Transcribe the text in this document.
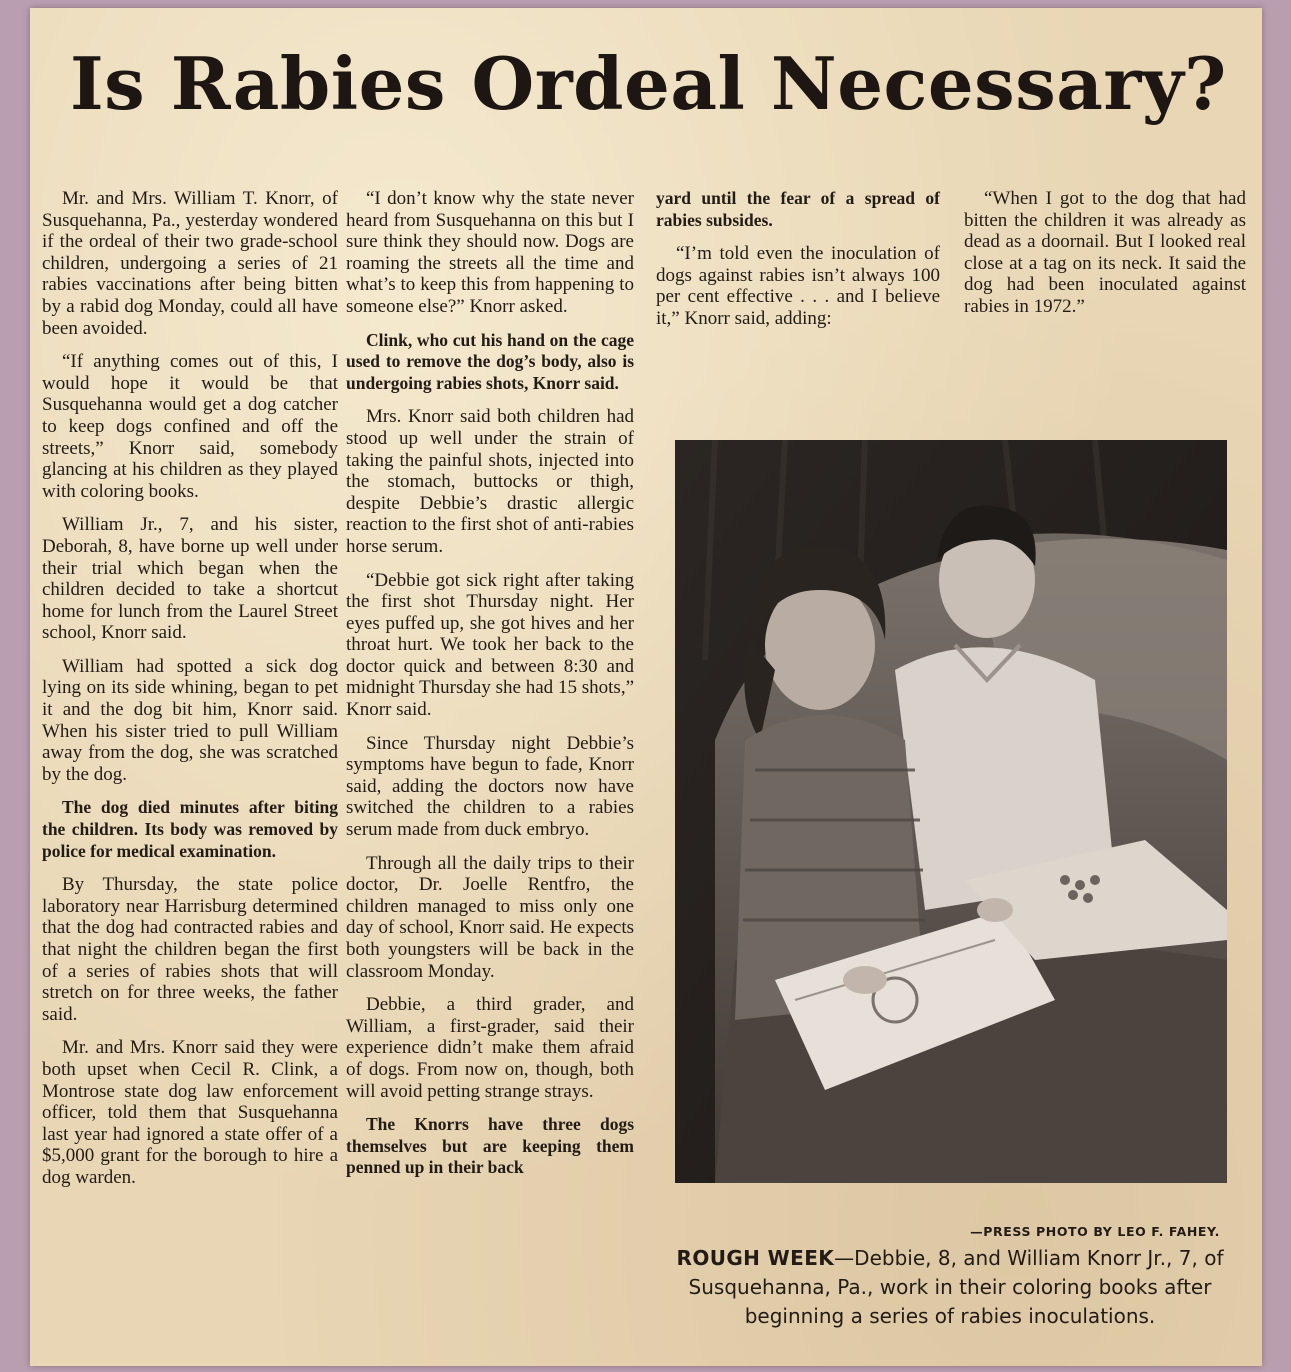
Is Rabies Ordeal Necessary?

Mr. and Mrs. William T. Knorr, of Susquehanna, Pa., yesterday wondered if the ordeal of their two grade-school children, undergoing a series of 21 rabies vaccinations after being bitten by a rabid dog Monday, could all have been avoided.

“If anything comes out of this, I would hope it would be that Susquehanna would get a dog catcher to keep dogs confined and off the streets,” Knorr said, somebody glancing at his children as they played with coloring books.

William Jr., 7, and his sister, Deborah, 8, have borne up well under their trial which began when the children decided to take a shortcut home for lunch from the Laurel Street school, Knorr said.

William had spotted a sick dog lying on its side whining, began to pet it and the dog bit him, Knorr said. When his sister tried to pull William away from the dog, she was scratched by the dog.

The dog died minutes after biting the children. Its body was removed by police for medical examination.

By Thursday, the state police laboratory near Harrisburg determined that the dog had contracted rabies and that night the children began the first of a series of rabies shots that will stretch on for three weeks, the father said.

Mr. and Mrs. Knorr said they were both upset when Cecil R. Clink, a Montrose state dog law enforcement officer, told them that Susquehanna last year had ignored a state offer of a $5,000 grant for the borough to hire a dog warden.

“I don’t know why the state never heard from Susquehanna on this but I sure think they should now. Dogs are roaming the streets all the time and what’s to keep this from happening to someone else?” Knorr asked.

Clink, who cut his hand on the cage used to remove the dog’s body, also is undergoing rabies shots, Knorr said.

Mrs. Knorr said both children had stood up well under the strain of taking the painful shots, injected into the stomach, buttocks or thigh, despite Debbie’s drastic allergic reaction to the first shot of anti-rabies horse serum.

“Debbie got sick right after taking the first shot Thursday night. Her eyes puffed up, she got hives and her throat hurt. We took her back to the doctor quick and between 8:30 and midnight Thursday she had 15 shots,” Knorr said.

Since Thursday night Debbie’s symptoms have begun to fade, Knorr said, adding the doctors now have switched the children to a rabies serum made from duck embryo.

Through all the daily trips to their doctor, Dr. Joelle Rentfro, the children managed to miss only one day of school, Knorr said. He expects both youngsters will be back in the classroom Monday.

Debbie, a third grader, and William, a first-grader, said their experience didn’t make them afraid of dogs. From now on, though, both will avoid petting strange strays.

The Knorrs have three dogs themselves but are keeping them penned up in their back

yard until the fear of a spread of rabies subsides.

“I’m told even the inoculation of dogs against rabies isn’t always 100 per cent effective . . . and I believe it,” Knorr said, adding:

“When I got to the dog that had bitten the children it was already as dead as a doornail. But I looked real close at a tag on its neck. It said the dog had been inoculated against rabies in 1972.”

—PRESS PHOTO BY LEO F. FAHEY.
ROUGH WEEK—Debbie, 8, and William Knorr Jr., 7, of Susquehanna, Pa., work in their coloring books after beginning a series of rabies inoculations.
